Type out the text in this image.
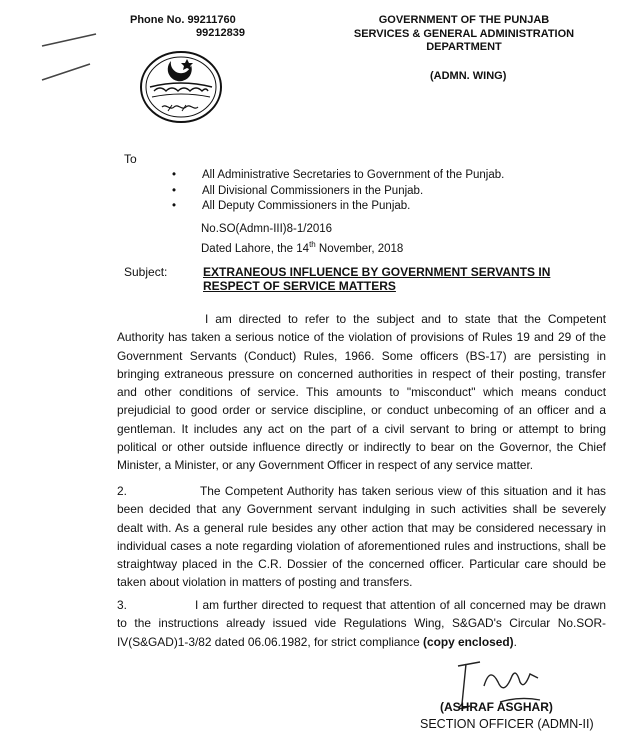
Phone No. 99211760
99212839
GOVERNMENT OF THE PUNJAB
SERVICES & GENERAL ADMINISTRATION
DEPARTMENT
(ADMN. WING)
To
• All Administrative Secretaries to Government of the Punjab.
• All Divisional Commissioners in the Punjab.
• All Deputy Commissioners in the Punjab.
No.SO(Admn-III)8-1/2016
Dated Lahore, the 14th November, 2018
Subject:	EXTRANEOUS INFLUENCE BY GOVERNMENT SERVANTS IN
RESPECT OF SERVICE MATTERS
I am directed to refer to the subject and to state that the Competent Authority has taken a serious notice of the violation of provisions of Rules 19 and 29 of the Government Servants (Conduct) Rules, 1966. Some officers (BS-17) are persisting in bringing extraneous pressure on concerned authorities in respect of their posting, transfer and other conditions of service. This amounts to "misconduct" which means conduct prejudicial to good order or service discipline, or conduct unbecoming of an officer and a gentleman. It includes any act on the part of a civil servant to bring or attempt to bring political or other outside influence directly or indirectly to bear on the Governor, the Chief Minister, a Minister, or any Government Officer in respect of any service matter.
2.	The Competent Authority has taken serious view of this situation and it has been decided that any Government servant indulging in such activities shall be severely dealt with. As a general rule besides any other action that may be considered necessary in individual cases a note regarding violation of aforementioned rules and instructions, shall be straightway placed in the C.R. Dossier of the concerned officer. Particular care should be taken about violation in matters of posting and transfers.
3.	I am further directed to request that attention of all concerned may be drawn to the instructions already issued vide Regulations Wing, S&GAD's Circular No.SOR-IV(S&GAD)1-3/82 dated 06.06.1982, for strict compliance (copy enclosed).
(ASHRAF ASGHAR)
SECTION OFFICER (ADMN-II)
